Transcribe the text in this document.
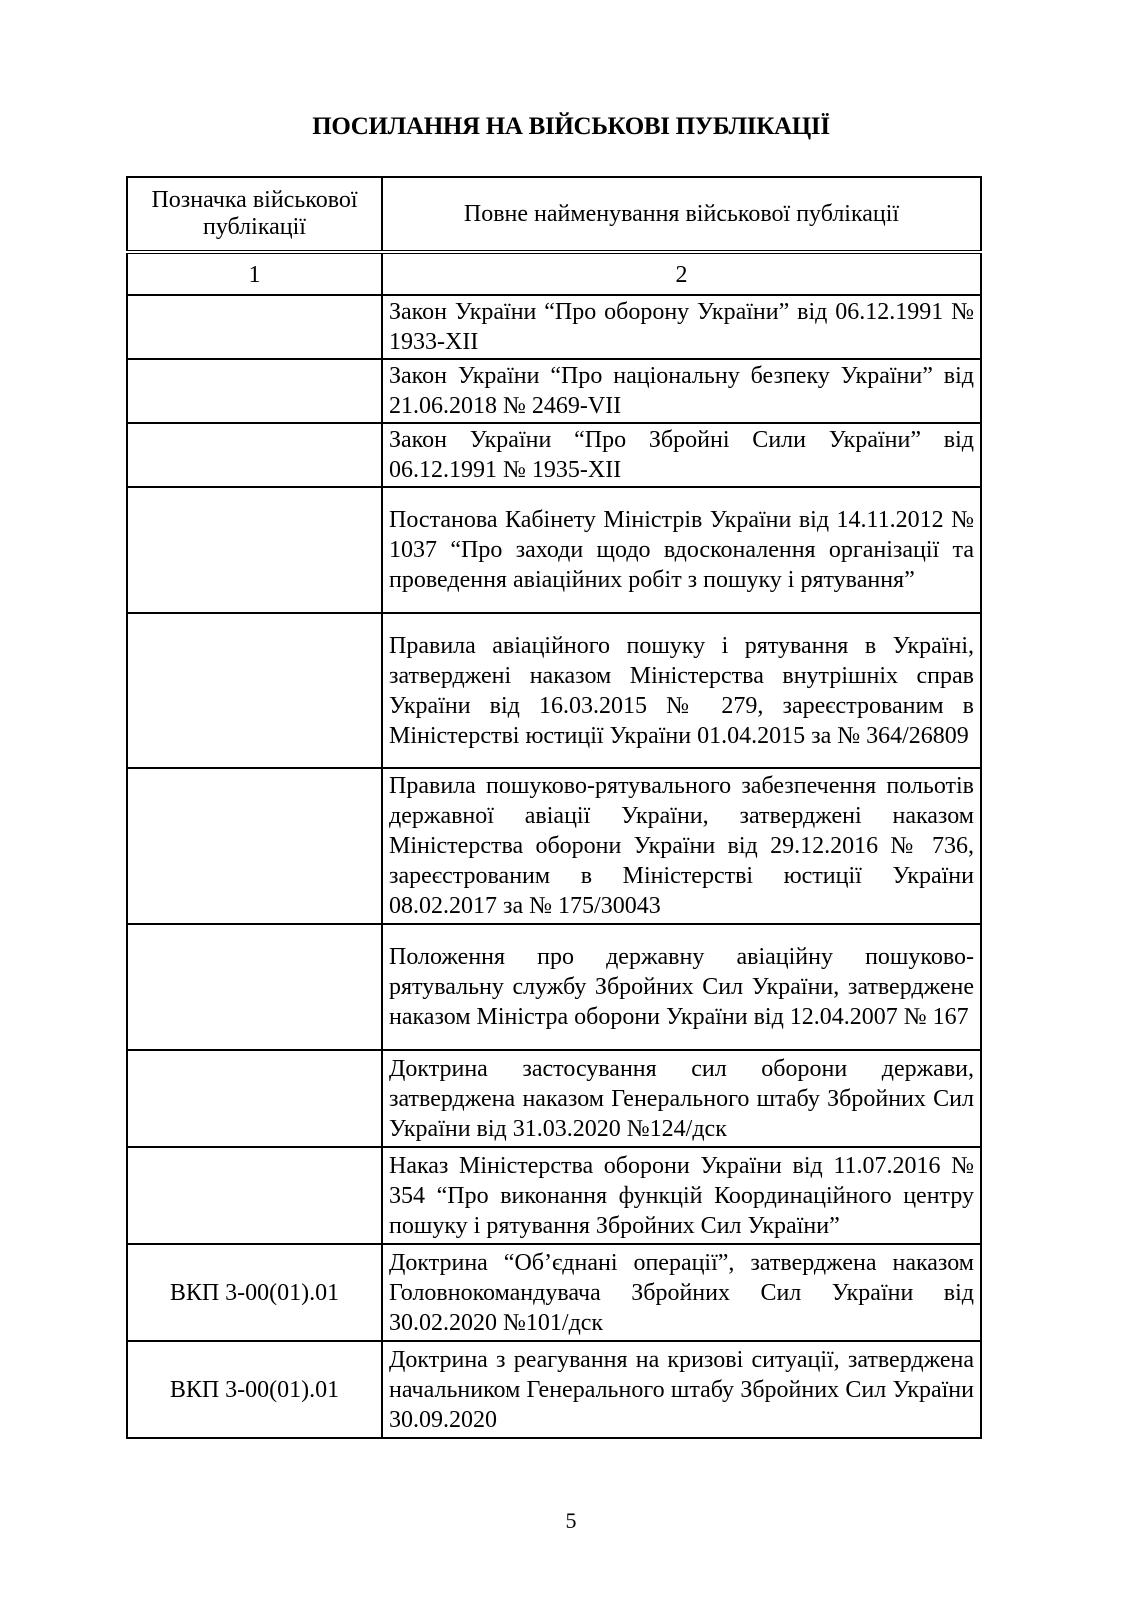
ПОСИЛАННЯ НА ВІЙСЬКОВІ ПУБЛІКАЦІЇ
Позначка військової публікації	Повне найменування військової публікації
1	2
	Закон України “Про оборону України” від 06.12.1991 № 1933-XII
	Закон України “Про національну безпеку України” від 21.06.2018 № 2469-VII
	Закон України “Про Збройні Сили України” від 06.12.1991 № 1935-XII
	Постанова Кабінету Міністрів України від 14.11.2012 № 1037 “Про заходи щодо вдосконалення організації та проведення авіаційних робіт з пошуку і рятування”
	Правила авіаційного пошуку і рятування в Україні, затверджені наказом Міністерства внутрішніх справ України від 16.03.2015 № 279, зареєстрованим в Міністерстві юстиції України 01.04.2015 за № 364/26809
	Правила пошуково-рятувального забезпечення польотів державної авіації України, затверджені наказом Міністерства оборони України від 29.12.2016 № 736, зареєстрованим в Міністерстві юстиції України 08.02.2017 за № 175/30043
	Положення про державну авіаційну пошуково-рятувальну службу Збройних Сил України, затверджене наказом Міністра оборони України від 12.04.2007 № 167
	Доктрина застосування сил оборони держави, затверджена наказом Генерального штабу Збройних Сил України від 31.03.2020 №124/дск
	Наказ Міністерства оборони України від 11.07.2016 № 354 “Про виконання функцій Координаційного центру пошуку і рятування Збройних Сил України”
ВКП 3-00(01).01	Доктрина “Об’єднані операції”, затверджена наказом Головнокомандувача Збройних Сил України від 30.02.2020 №101/дск
ВКП 3-00(01).01	Доктрина з реагування на кризові ситуації, затверджена начальником Генерального штабу Збройних Сил України 30.09.2020
5
